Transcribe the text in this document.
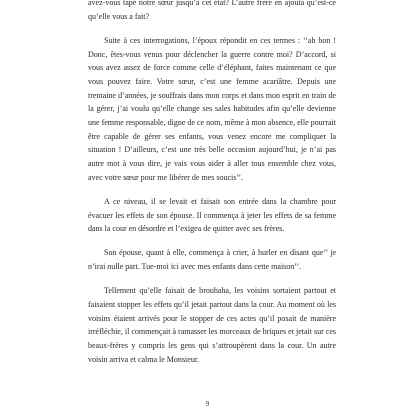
avez-vous tapé notre sœur jusqu’à cet état? L’autre frère en ajouta qu’est-ce qu’elle vous a fait?

Suite à ces interrogations, l’époux répondit en ces termes : ‘‘ah bon ! Donc, êtes-vous venus pour déclencher la guerre contre moi? D’accord, si vous avez assez de force comme celle d’éléphant, faites maintenant ce que vous pouvez faire. Votre sœur, c’est une femme acariâtre. Depuis une trentaine d’années, je souffrais dans mon corps et dans mon esprit en train de la gérer, j’ai voulu qu’elle change ses sales habitudes afin qu’elle devienne une femme responsable, digne de ce nom, même à mon absence, elle pourrait être capable de gérer ses enfants, vous venez encore me compliquer la situation ! D’ailleurs, c’est une très belle occasion aujourd’hui, je n’ai pas autre mot à vous dire, je vais vous aider à aller tous ensemble chez vous, avec votre sœur pour me libérer de mes soucis’’.

A ce niveau, il se levait et faisait son entrée dans la chambre pour évacuer les effets de son épouse. Il commença à jeter les effets de sa femme dans la cour en désordre et l’exigea de quitter avec ses frères.

Son épouse, quant à elle, commença à crier, à hurler en disant que’’ je n’irai nulle part. Tue-moi ici avec mes enfants dans cette maison’’.

Tellement qu’elle faisait de brouhaha, les voisins sortaient partout et faisaient stopper les effets qu’il jetait partout dans la cour. Au moment où les voisins étaient arrivés pour le stopper de ces actes qu’il posait de manière irréfléchie, il commençait à ramasser les morceaux de briques et jetait sur ces beaux-frères y compris les gens qui s’attroupèrent dans la cour. Un autre voisin arriva et calma le Monsieur.

9
